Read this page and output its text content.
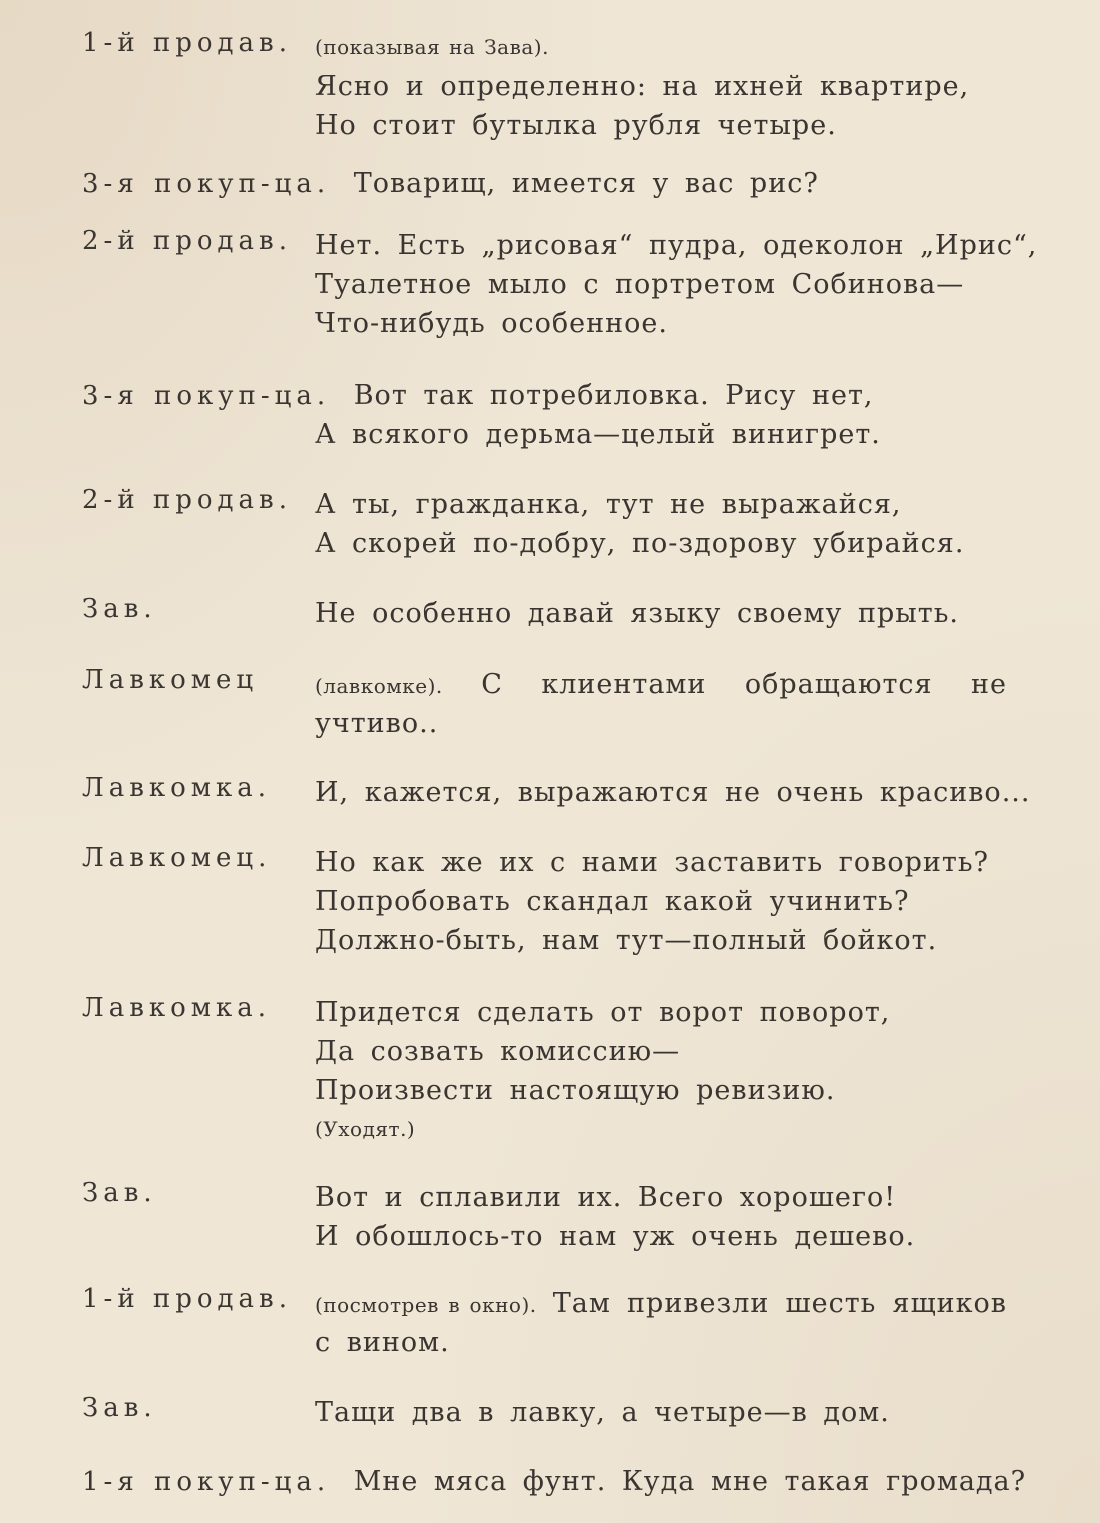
1-й продав. (показывая на Зава).
Ясно и определенно: на ихней квартире,
Но стоит бутылка рубля четыре.
3-я покуп-ца. Товарищ, имеется у вас рис?
2-й продав. Нет. Есть „рисовая“ пудра, одеколон „Ирис“,
Туалетное мыло с портретом Собинова—
Что-нибудь особенное.
3-я покуп-ца. Вот так потребиловка. Рису нет,
А всякого дерьма—целый винигрет.
2-й продав. А ты, гражданка, тут не выражайся,
А скорей по-добру, по-здорову убирайся.
Зав.	Не особенно давай языку своему прыть.
Лавкомец	(лавкомке). С клиентами обращаются не
учтиво..
Лавкомка. И, кажется, выражаются не очень красиво...
Лавкомец. Но как же их с нами заставить говорить?
Попробовать скандал какой учинить?
Должно-быть, нам тут—полный бойкот.
Лавкомка. Придется сделать от ворот поворот,
Да созвать комиссию—
Произвести настоящую ревизию.
(Уходят.)
Зав.	Вот и сплавили их. Всего хорошего!
И обошлось-то нам уж очень дешево.
1-й продав. (посмотрев в окно). Там привезли шесть ящиков
с вином.
Зав.	Тащи два в лавку, а четыре—в дом.
1-я покуп-ца. Мне мяса фунт. Куда мне такая громада?
